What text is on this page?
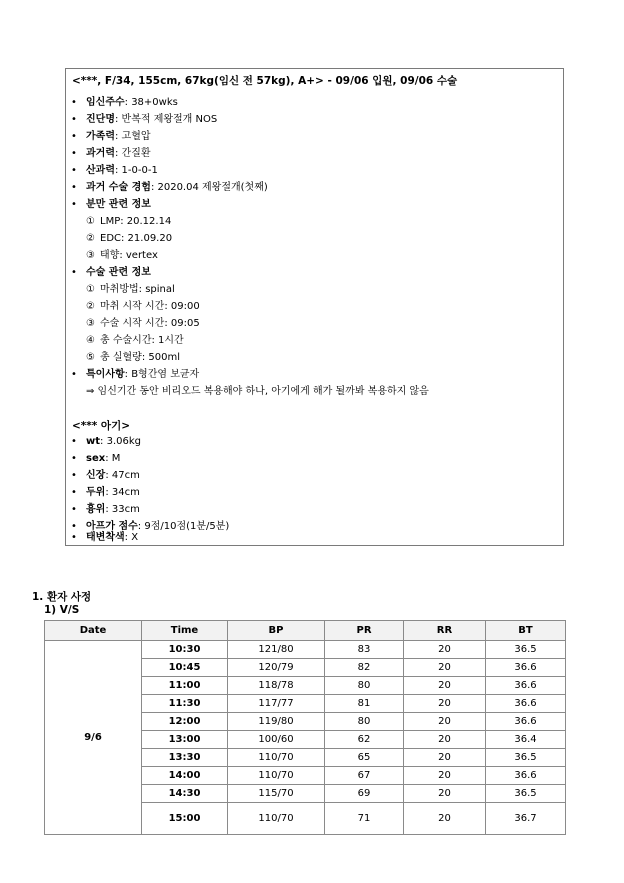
<***, F/34, 155cm, 67kg(임신 전 57kg), A+> - 09/06 입원, 09/06 수술
• 임신주수: 38+0wks
• 진단명: 반복적 제왕절개 NOS
• 가족력: 고혈압
• 과거력: 간질환
• 산과력: 1-0-0-1
• 과거 수술 경험: 2020.04 제왕절개(첫째)
• 분만 관련 정보
① LMP: 20.12.14
② EDC: 21.09.20
③ 태향: vertex
• 수술 관련 정보
① 마취방법: spinal
② 마취 시작 시간: 09:00
③ 수술 시작 시간: 09:05
④ 총 수술시간: 1시간
⑤ 총 실혈량: 500ml
• 특이사항: B형간염 보균자
⇒ 임신기간 동안 비리오드 복용해야 하나, 아기에게 해가 될까봐 복용하지 않음
<*** 아기>
• wt: 3.06kg
• sex: M
• 신장: 47cm
• 두위: 34cm
• 흉위: 33cm
• 아프가 점수: 9점/10점(1분/5분)
• 태변착색: X
1. 환자 사정
1) V/S
Date	Time	BP	PR	RR	BT
9/6	10:30	121/80	83	20	36.5
	10:45	120/79	82	20	36.6
	11:00	118/78	80	20	36.6
	11:30	117/77	81	20	36.6
	12:00	119/80	80	20	36.6
	13:00	100/60	62	20	36.4
	13:30	110/70	65	20	36.5
	14:00	110/70	67	20	36.6
	14:30	115/70	69	20	36.5
	15:00	110/70	71	20	36.7
